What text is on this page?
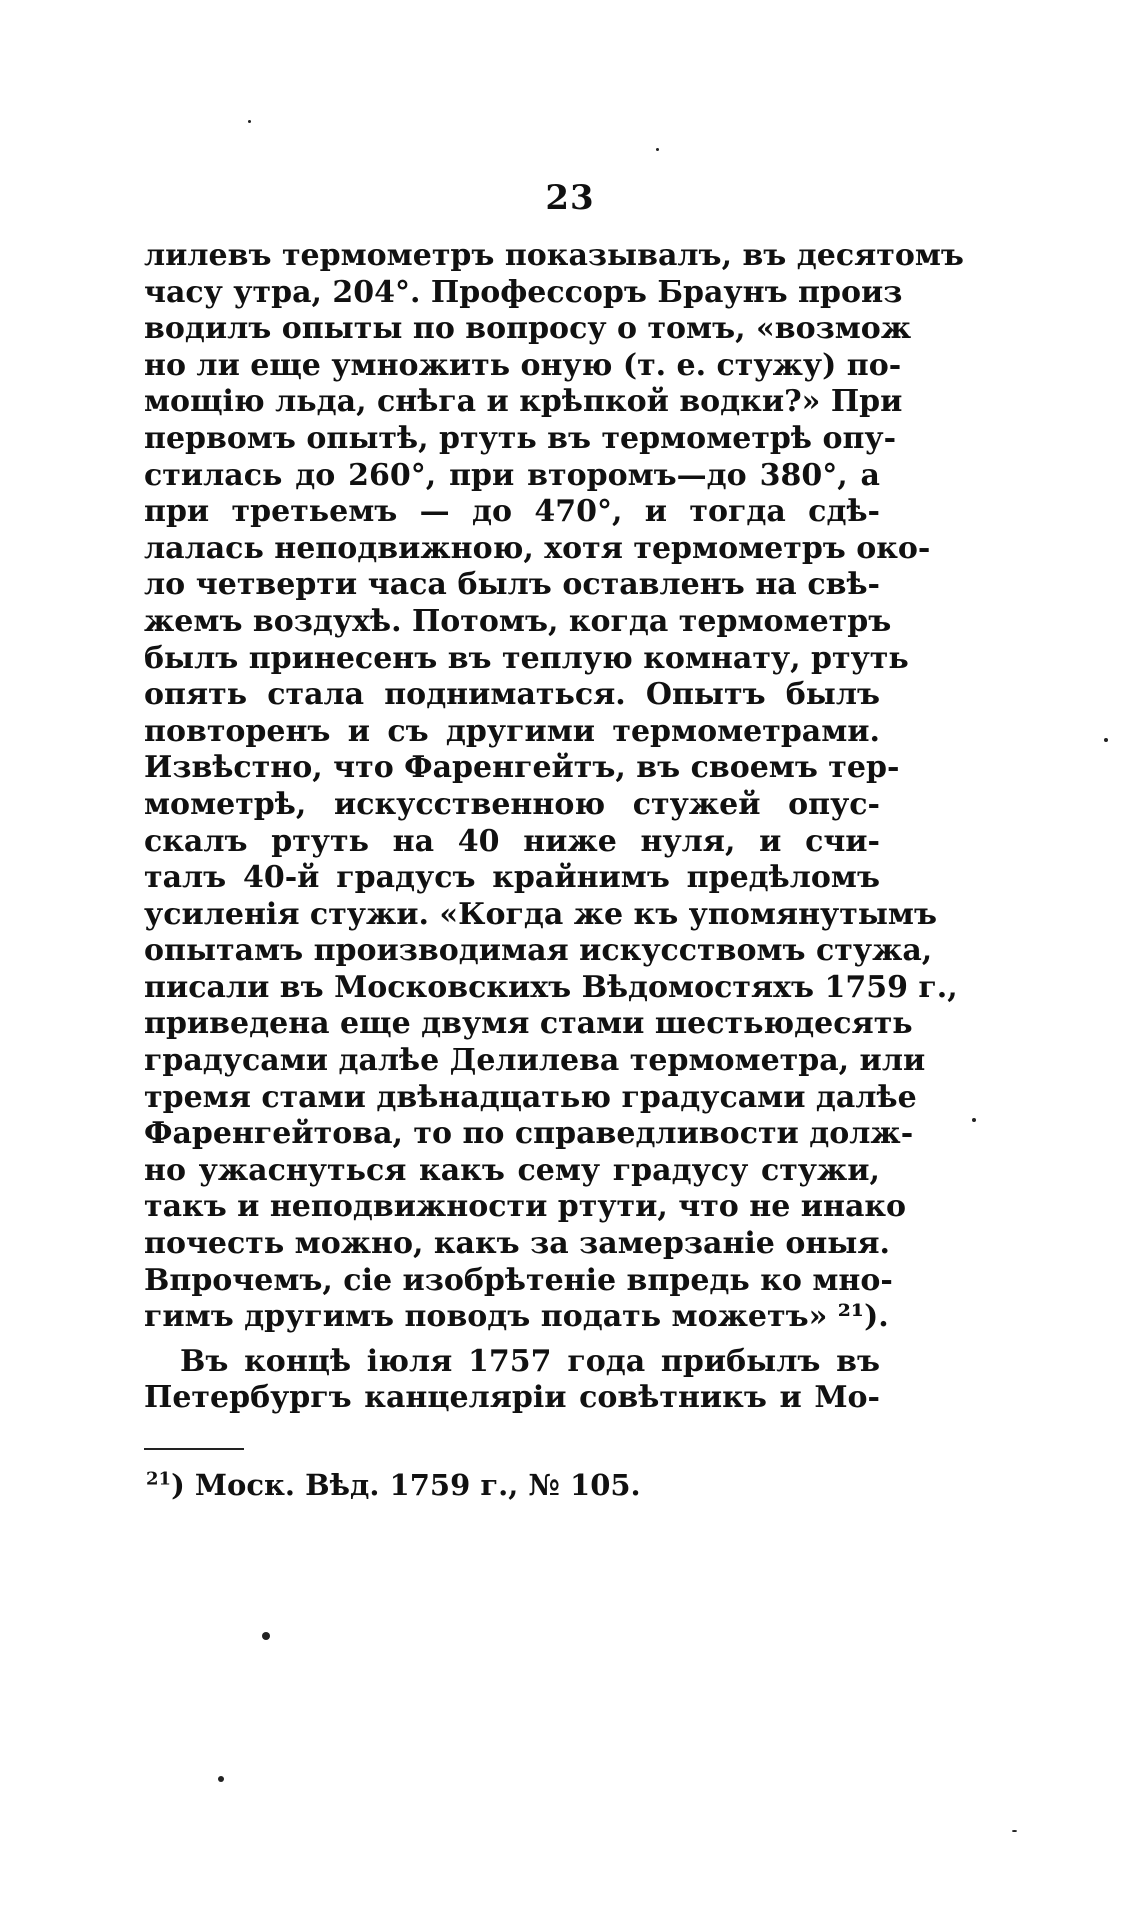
23
лилевъ термометръ показывалъ, въ десятомъ
часу утра, 204°. Профессоръ Браунъ произ
водилъ опыты по вопросу о томъ, «возмож
но ли еще умножить оную (т. е. стужу) по-
мощію льда, снѣга и крѣпкой водки?» При
первомъ опытѣ, ртуть въ термометрѣ опу-
стилась до 260°, при второмъ—до 380°, а
при третьемъ — до 470°, и тогда сдѣ-
лалась неподвижною, хотя термометръ око-
ло четверти часа былъ оставленъ на свѣ-
жемъ воздухѣ. Потомъ, когда термометръ
былъ принесенъ въ теплую комнату, ртуть
опять стала подниматься. Опытъ былъ
повторенъ и съ другими термометрами.
Извѣстно, что Фаренгейтъ, въ своемъ тер-
мометрѣ, искусственною стужей опус-
скалъ ртуть на 40 ниже нуля, и счи-
талъ 40-й градусъ крайнимъ предѣломъ
усиленія стужи. «Когда же къ упомянутымъ
опытамъ производимая искусствомъ стужа,
писали въ Московскихъ Вѣдомостяхъ 1759 г.,
приведена еще двумя стами шестьюдесять
градусами далѣе Делилева термометра, или
тремя стами двѣнадцатью градусами далѣе
Фаренгейтова, то по справедливости долж-
но ужаснуться какъ сему градусу стужи,
такъ и неподвижности ртути, что не инако
почесть можно, какъ за замерзаніе оныя.
Впрочемъ, сіе изобрѣтеніе впредь ко мно-
гимъ другимъ поводъ подать можетъ» ²¹).
Въ концѣ іюля 1757 года прибылъ въ
Петербургъ канцеляріи совѣтникъ и Мо-
$^{21}$) Моск. Вѣд. 1759 г., № 105.
